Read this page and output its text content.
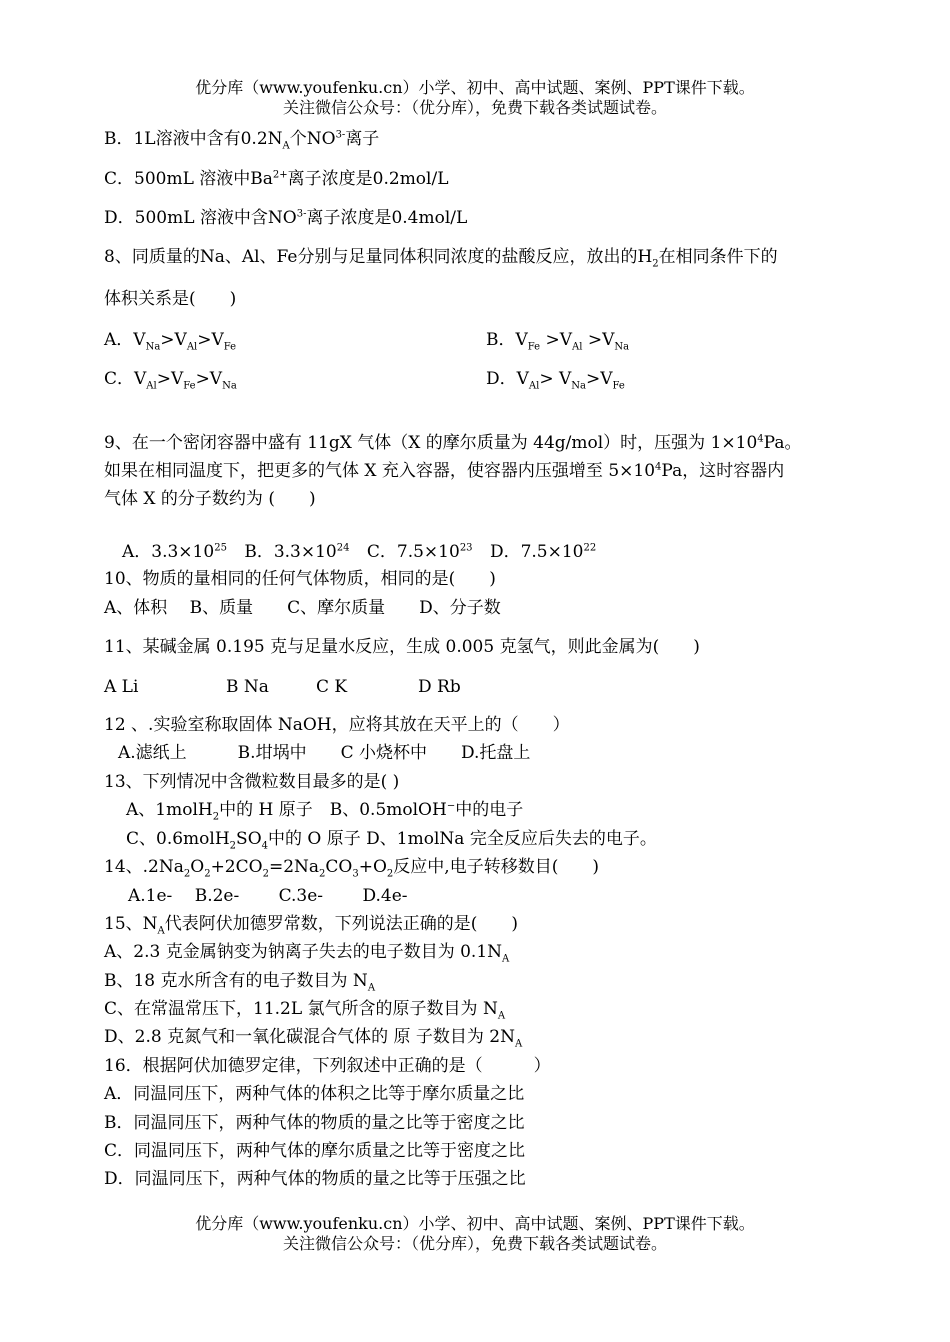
优分库（www.youfenku.cn）小学、初中、高中试题、案例、PPT课件下载。
关注微信公众号：（优分库），免费下载各类试题试卷。
B．1L溶液中含有$0.2N_A$个$NO^{3-}$离子
C．500mL 溶液中$Ba^{2+}$离子浓度是0.2mol/L
D．500mL 溶液中含$NO^{3-}$离子浓度是0.4mol/L
8、同质量的Na、Al、Fe分别与足量同体积同浓度的盐酸反应，放出的$H_2$在相同条件下的
体积关系是(　　)
A．$V_{Na}>V_{Al}>V_{Fe}$	B．$V_{Fe} >V_{Al} >V_{Na}$
C．$V_{Al}>V_{Fe}>V_{Na}$	D．$V_{Al}> V_{Na}>V_{Fe}$
9、在一个密闭容器中盛有 11gX 气体（X 的摩尔质量为 44g/mol）时，压强为 $1\times 10^4Pa$。
如果在相同温度下，把更多的气体 X 充入容器，使容器内压强增至 $5\times 10^4Pa$，这时容器内
气体 X 的分子数约为 (　　)
A．$3.3\times 10^{25}$ B．$3.3\times 10^{24}$ C．$7.5\times 10^{23}$ D．$7.5\times 10^{22}$
10、物质的量相同的任何气体物质，相同的是(　　)
A、体积　 B、质量　　C、摩尔质量　　D、分子数
11、某碱金属 0.195 克与足量水反应，生成 0.005 克氢气，则此金属为(　　)
A Li	B Na	C K	D Rb
12 、.实验室称取固体 NaOH，应将其放在天平上的（　　）
A.滤纸上　　　B.坩埚中　　C 小烧杯中　　D.托盘上
13、下列情况中含微粒数目最多的是( )
A、1molH$_2$中的 H 原子　B、0.5molOH−中的电子
C、$0.6molH_2SO_4$中的 O 原子 D、1molNa 完全反应后失去的电子。
14、$.2Na_2O_2+2CO_2=2Na_2CO_3+O_2$反应中,电子转移数目(　　)
A.1e-　 B.2e-　　 C.3e-　　 D.4e-
15、$N_A$代表阿伏加德罗常数，下列说法正确的是(　　)
A、2.3 克金属钠变为钠离子失去的电子数目为 $0.1N_A$
B、18 克水所含有的电子数目为 $N_A$
C、在常温常压下，11.2L 氯气所含的原子数目为 $N_A$
D、2.8 克氮气和一氧化碳混合气体的 原 子数目为 $2N_A$
16．根据阿伏加德罗定律，下列叙述中正确的是（　　　）
A．同温同压下，两种气体的体积之比等于摩尔质量之比
B．同温同压下，两种气体的物质的量之比等于密度之比
C．同温同压下，两种气体的摩尔质量之比等于密度之比
D．同温同压下，两种气体的物质的量之比等于压强之比
优分库（www.youfenku.cn）小学、初中、高中试题、案例、PPT课件下载。
关注微信公众号：（优分库），免费下载各类试题试卷。
